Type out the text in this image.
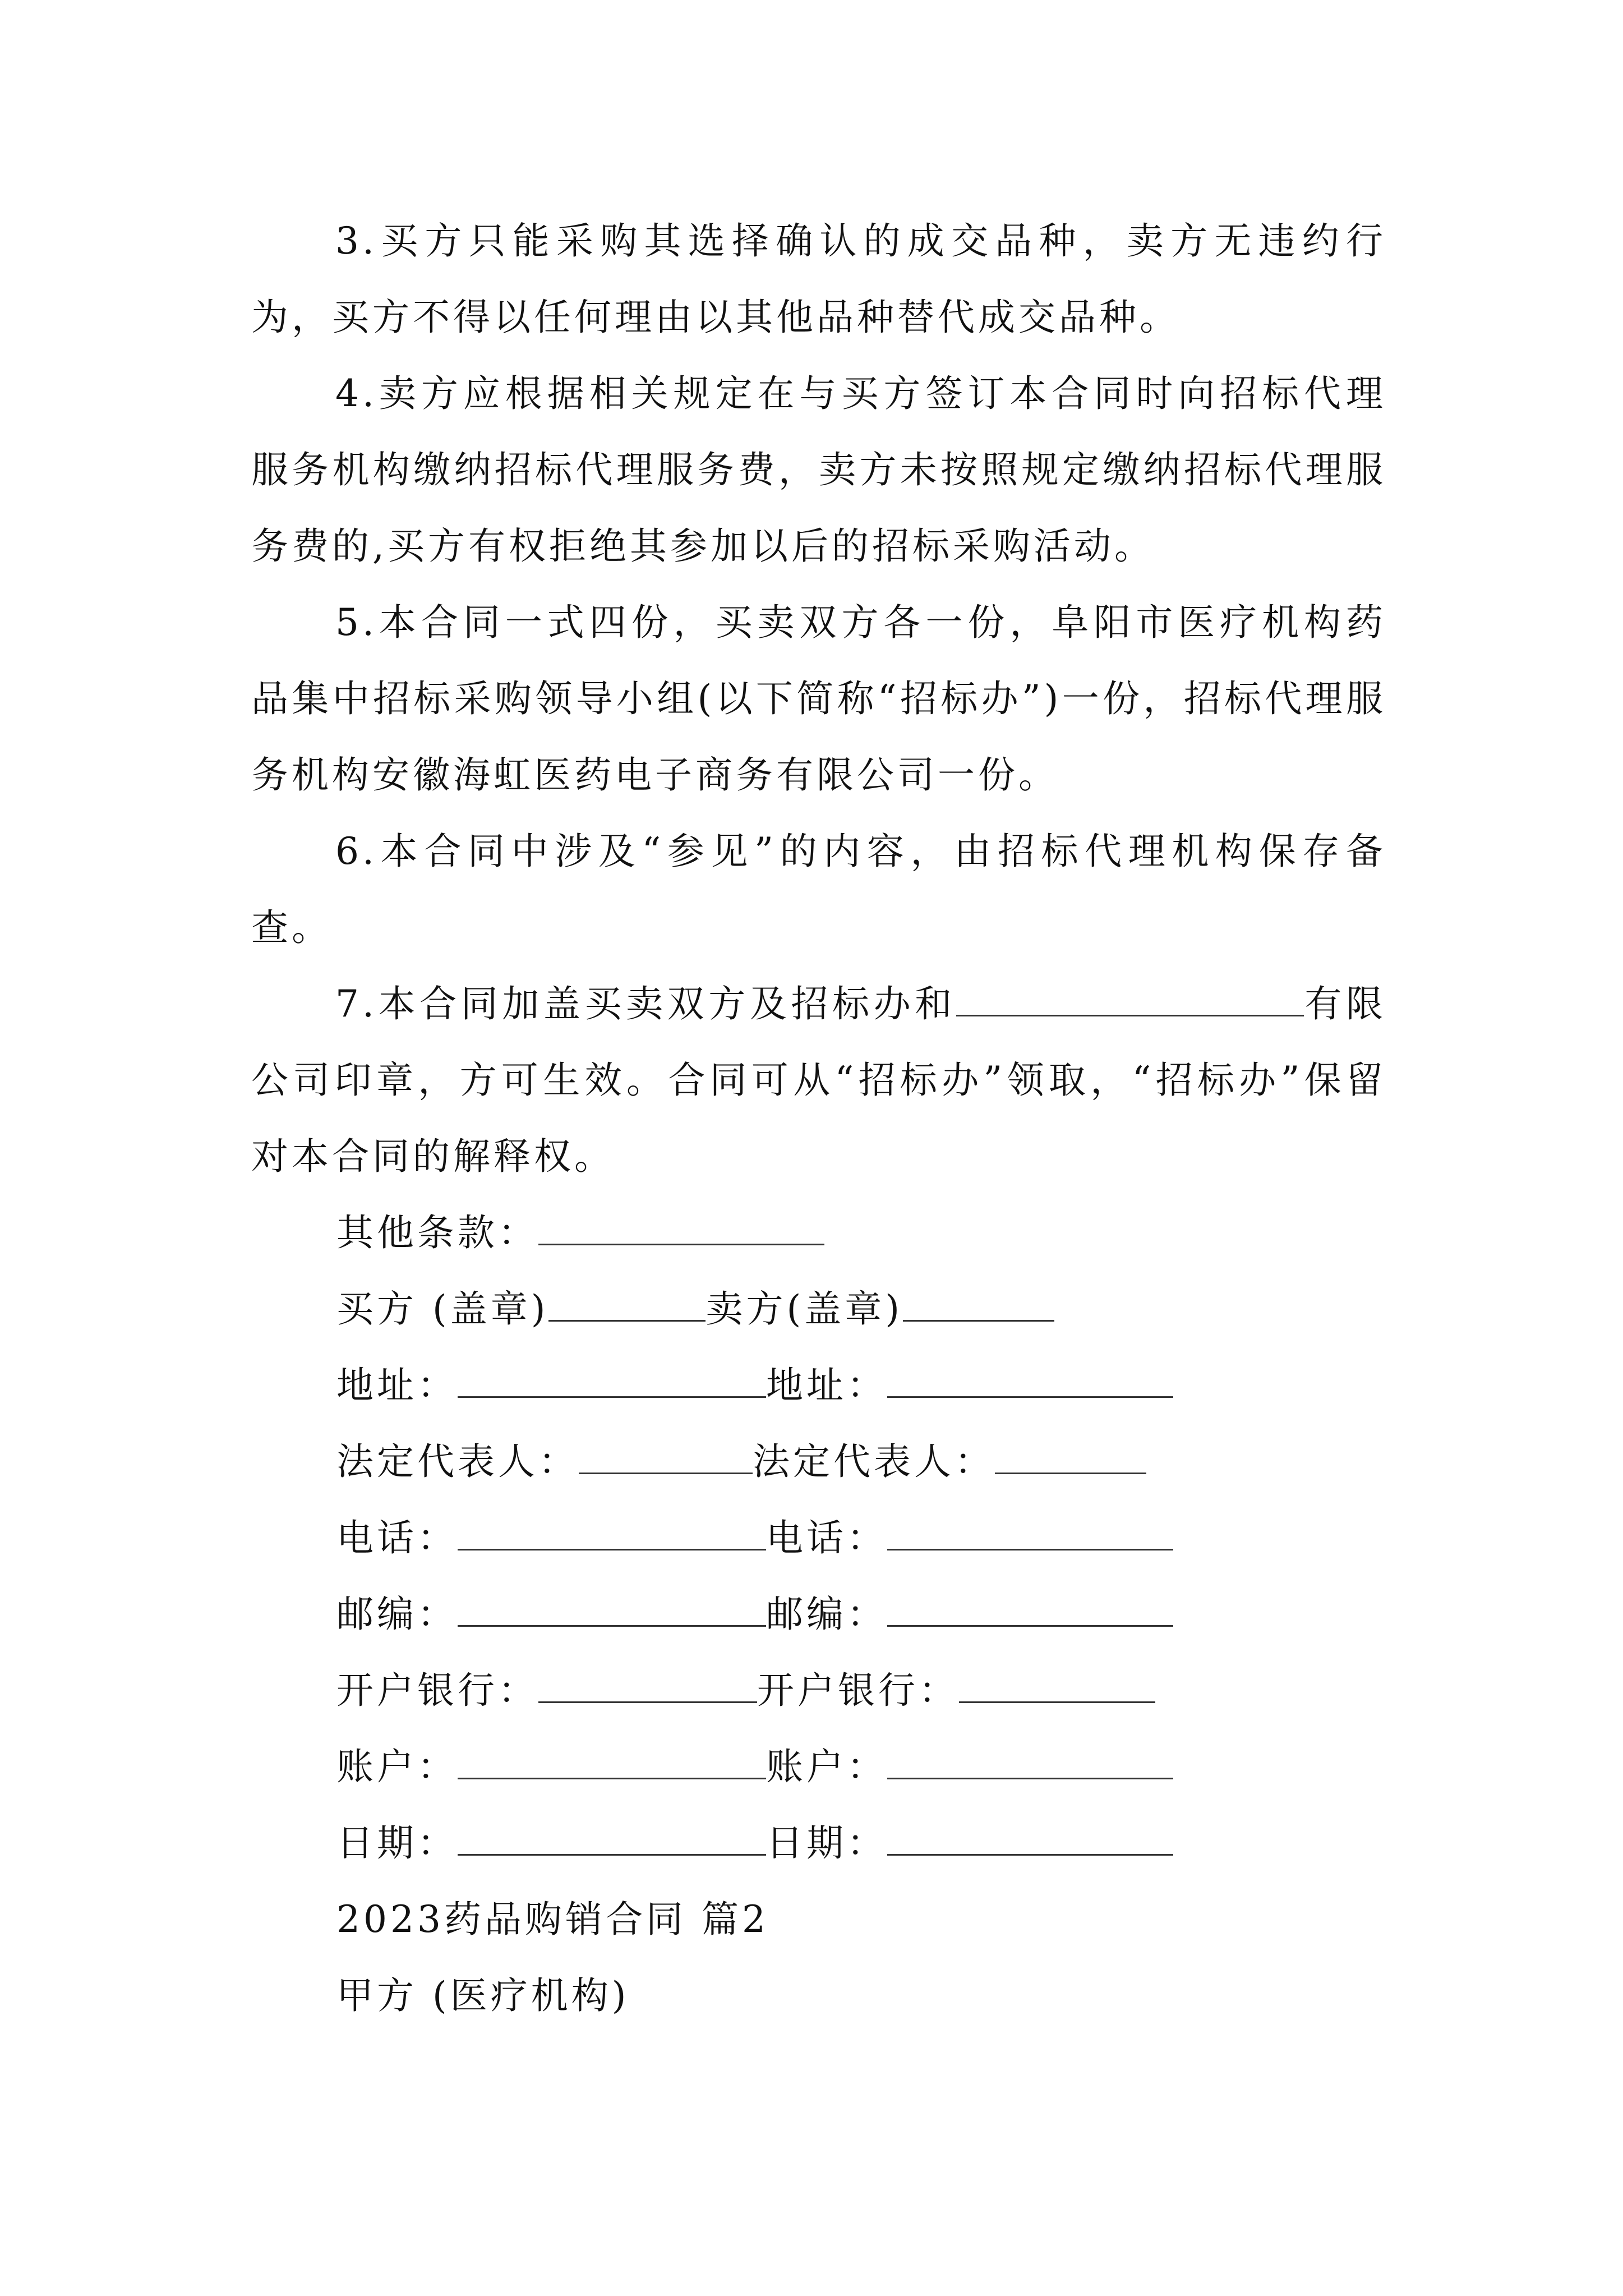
3.买方只能采购其选择确认的成交品种，卖方无违约行为，买方不得以任何理由以其他品种替代成交品种。
4.卖方应根据相关规定在与买方签订本合同时向招标代理服务机构缴纳招标代理服务费，卖方未按照规定缴纳招标代理服务费的,买方有权拒绝其参加以后的招标采购活动。
5.本合同一式四份，买卖双方各一份，阜阳市医疗机构药品集中招标采购领导小组(以下简称“招标办”)一份，招标代理服务机构安徽海虹医药电子商务有限公司一份。
6.本合同中涉及“参见”的内容，由招标代理机构保存备查。
7.本合同加盖买卖双方及招标办和	有限公司印章，方可生效。合同可从“招标办”领取，“招标办”保留对本合同的解释权。
其他条款：
买方 (盖章)	卖方(盖章)
地址：	地址：
法定代表人：	法定代表人：
电话：	电话：
邮编：	邮编：
开户银行：	开户银行：
账户：	账户：
日期：	日期：
2023药品购销合同 篇2
甲方 (医疗机构)
